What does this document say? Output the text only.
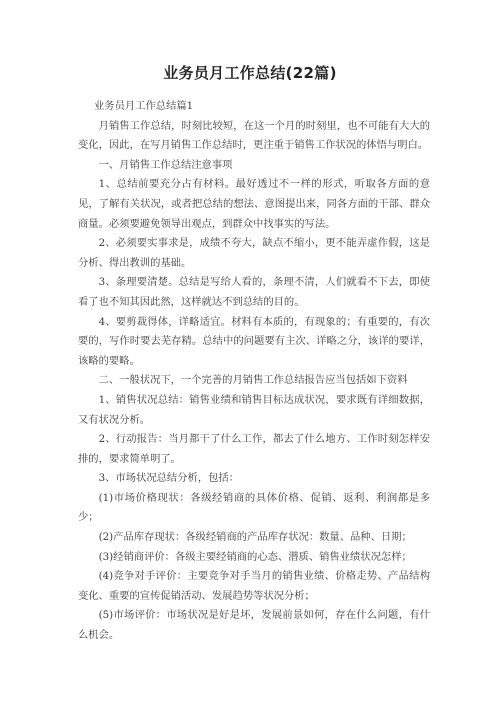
业务员月工作总结(22篇)

业务员月工作总结篇1

月销售工作总结，时刻比较短，在这一个月的时刻里，也不可能有大大的变化，因此，在写月销售工作总结时，更注重于销售工作状况的体悟与明白。

一、月销售工作总结注意事项

1、总结前要充分占有材料。最好透过不一样的形式，听取各方面的意见，了解有关状况，或者把总结的想法、意图提出来，同各方面的干部、群众商量。必须要避免领导出观点，到群众中找事实的写法。

2、必须要实事求是，成绩不夸大，缺点不缩小，更不能弄虚作假，这是分析、得出教训的基础。

3、条理要清楚。总结是写给人看的，条理不清，人们就看不下去，即使看了也不知其因此然，这样就达不到总结的目的。

4、要剪裁得体，详略适宜。材料有本质的，有现象的；有重要的，有次要的，写作时要去芜存精。总结中的问题要有主次、详略之分，该详的要详，该略的要略。

二、一般状况下，一个完善的月销售工作总结报告应当包括如下资料

1、销售状况总结：销售业绩和销售目标达成状况，要求既有详细数据，又有状况分析。

2、行动报告：当月都干了什么工作，都去了什么地方、工作时刻怎样安排的，要求简单明了。

3、市场状况总结分析，包括：

(1)市场价格现状：各级经销商的具体价格、促销、返利、利润都是多少；

(2)产品库存现状：各级经销商的产品库存状况：数量、品种、日期；

(3)经销商评价：各级主要经销商的心态、潜质、销售业绩状况怎样；

(4)竞争对手评价：主要竞争对手当月的销售业绩、价格走势、产品结构变化、重要的宣传促销活动、发展趋势等状况分析；

(5)市场评价：市场状况是好是坏，发展前景如何，存在什么问题，有什么机会。
